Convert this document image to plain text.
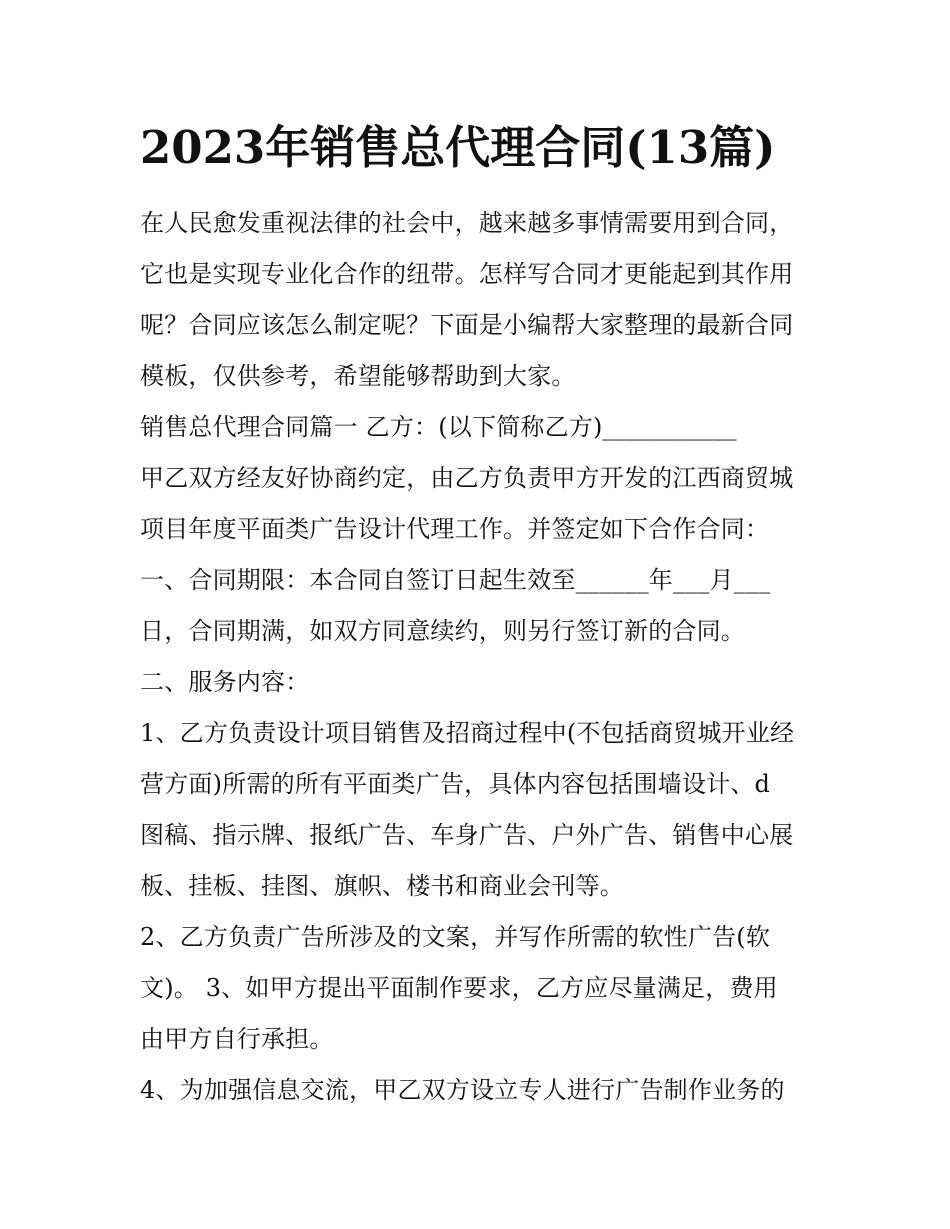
2023年销售总代理合同(13篇)

在人民愈发重视法律的社会中，越来越多事情需要用到合同，

它也是实现专业化合作的纽带。怎样写合同才更能起到其作用

呢？合同应该怎么制定呢？下面是小编帮大家整理的最新合同

模板，仅供参考，希望能够帮助到大家。

销售总代理合同篇一 乙方：(以下简称乙方)___________

甲乙双方经友好协商约定，由乙方负责甲方开发的江西商贸城

项目年度平面类广告设计代理工作。并签定如下合作合同：

一、合同期限：本合同自签订日起生效至______年___月___

日，合同期满，如双方同意续约，则另行签订新的合同。

二、服务内容：

1、乙方负责设计项目销售及招商过程中(不包括商贸城开业经

营方面)所需的所有平面类广告，具体内容包括围墙设计、d

图稿、指示牌、报纸广告、车身广告、户外广告、销售中心展

板、挂板、挂图、旗帜、楼书和商业会刊等。

2、乙方负责广告所涉及的文案，并写作所需的软性广告(软

文)。 3、如甲方提出平面制作要求，乙方应尽量满足，费用

由甲方自行承担。

4、为加强信息交流，甲乙双方设立专人进行广告制作业务的
